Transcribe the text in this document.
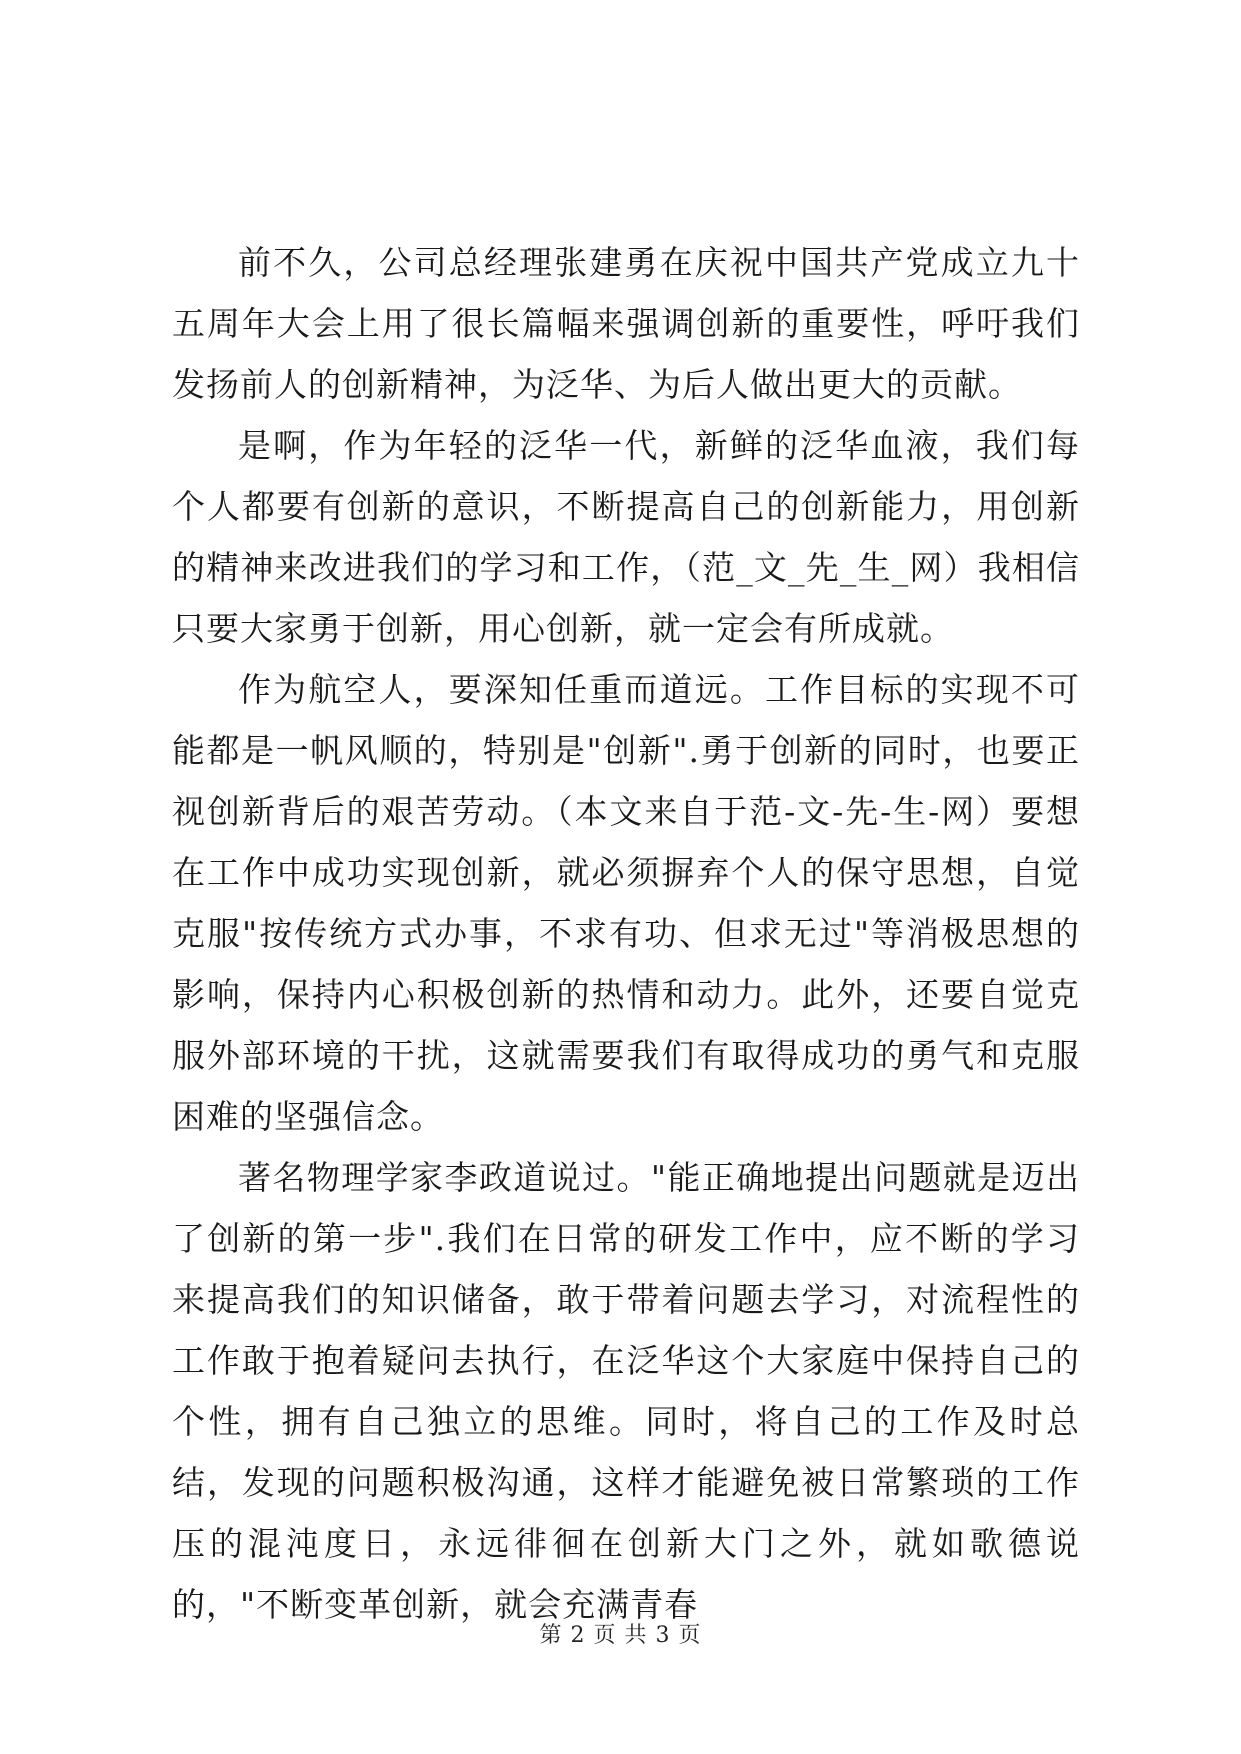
前不久，公司总经理张建勇在庆祝中国共产党成立九十五周年大会上用了很长篇幅来强调创新的重要性，呼吁我们发扬前人的创新精神，为泛华、为后人做出更大的贡献。

是啊，作为年轻的泛华一代，新鲜的泛华血液，我们每个人都要有创新的意识，不断提高自己的创新能力，用创新的精神来改进我们的学习和工作，（范_文_先_生_网）我相信只要大家勇于创新，用心创新，就一定会有所成就。

作为航空人，要深知任重而道远。工作目标的实现不可能都是一帆风顺的，特别是"创新".勇于创新的同时，也要正视创新背后的艰苦劳动。（本文来自于范-文-先-生-网）要想在工作中成功实现创新，就必须摒弃个人的保守思想，自觉克服"按传统方式办事，不求有功、但求无过"等消极思想的影响，保持内心积极创新的热情和动力。此外，还要自觉克服外部环境的干扰，这就需要我们有取得成功的勇气和克服困难的坚强信念。

著名物理学家李政道说过。"能正确地提出问题就是迈出了创新的第一步".我们在日常的研发工作中，应不断的学习来提高我们的知识储备，敢于带着问题去学习，对流程性的工作敢于抱着疑问去执行，在泛华这个大家庭中保持自己的个性，拥有自己独立的思维。同时，将自己的工作及时总结，发现的问题积极沟通，这样才能避免被日常繁琐的工作压的混沌度日，永远徘徊在创新大门之外，就如歌德说的，"不断变革创新，就会充满青春

第 2 页 共 3 页
